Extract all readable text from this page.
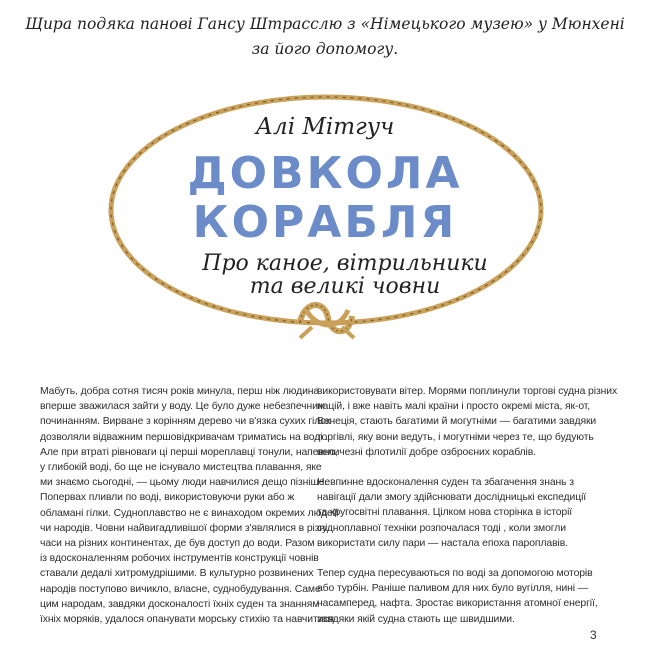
Щира подяка панові Гансу Штрасслю з «Німецького музею» у Мюнхені
за його допомогу.
Алі Мітгуч
ДОВКОЛА
КОРАБЛЯ
Про каное, вітрильники
та великі човни

Мабуть, добра сотня тисяч років минула, перш ніж людина
вперше зважилася зайти у воду. Це було дуже небезпечним
починанням. Вирване з корінням дерево чи в'язка сухих гілок
дозволяли відважним першовідкривачам триматись на воді .
Але при втраті рівноваги ці перші мореплавці тонули, напевно,
у глибокій воді, бо ще не існувало мистецтва плавання, яке
ми знаємо сьогодні, — цьому люди навчилися дещо пізніше.
Поперваx пливли по воді, використовуючи руки або ж
обламані гілки. Судноплавство не є винаходом окремих людей
чи народів. Човни найвигадливішої форми з'являлися в різні
часи на різних континентах, де був доступ до води. Разом
із вдосконаленням робочих інструментів конструкції човнів
ставали дедалі хитромудрішими. В культурно розвинених
народів поступово вичикло, власне, суднобудування. Саме
цим народам, завдяки досконалості їхніх суден та знанням
їхніх моряків, удалося опанувати морську стихію та навчитися

використовувати вітер. Морями поплинули торгові судна різних
націй, і вже навіть малі країни і просто окремі міста, як-от,
Венеція, стають багатими й могутніми — багатими завдяки
торгівлі, яку вони ведуть, і могутніми через те, що будують
величезні флотилії добре озброєних кораблів.

Невпинне вдосконалення суден та збагачення знань з
навігації дали змогу здійснювати дослідницькі експедиції
та кругосвітні плавання. Цілком нова сторінка в історії
судноплавної техніки розпочалася тоді , коли змогли
використати силу пари — настала епоха пароплавів.

Тепер судна пересуваються по воді за допомогою моторів
або турбін. Раніше паливом для них було вугілля, нині —
насамперед, нафта. Зростає використання атомної енергії,
завдяки якій судна стають ще швидшими.

3
